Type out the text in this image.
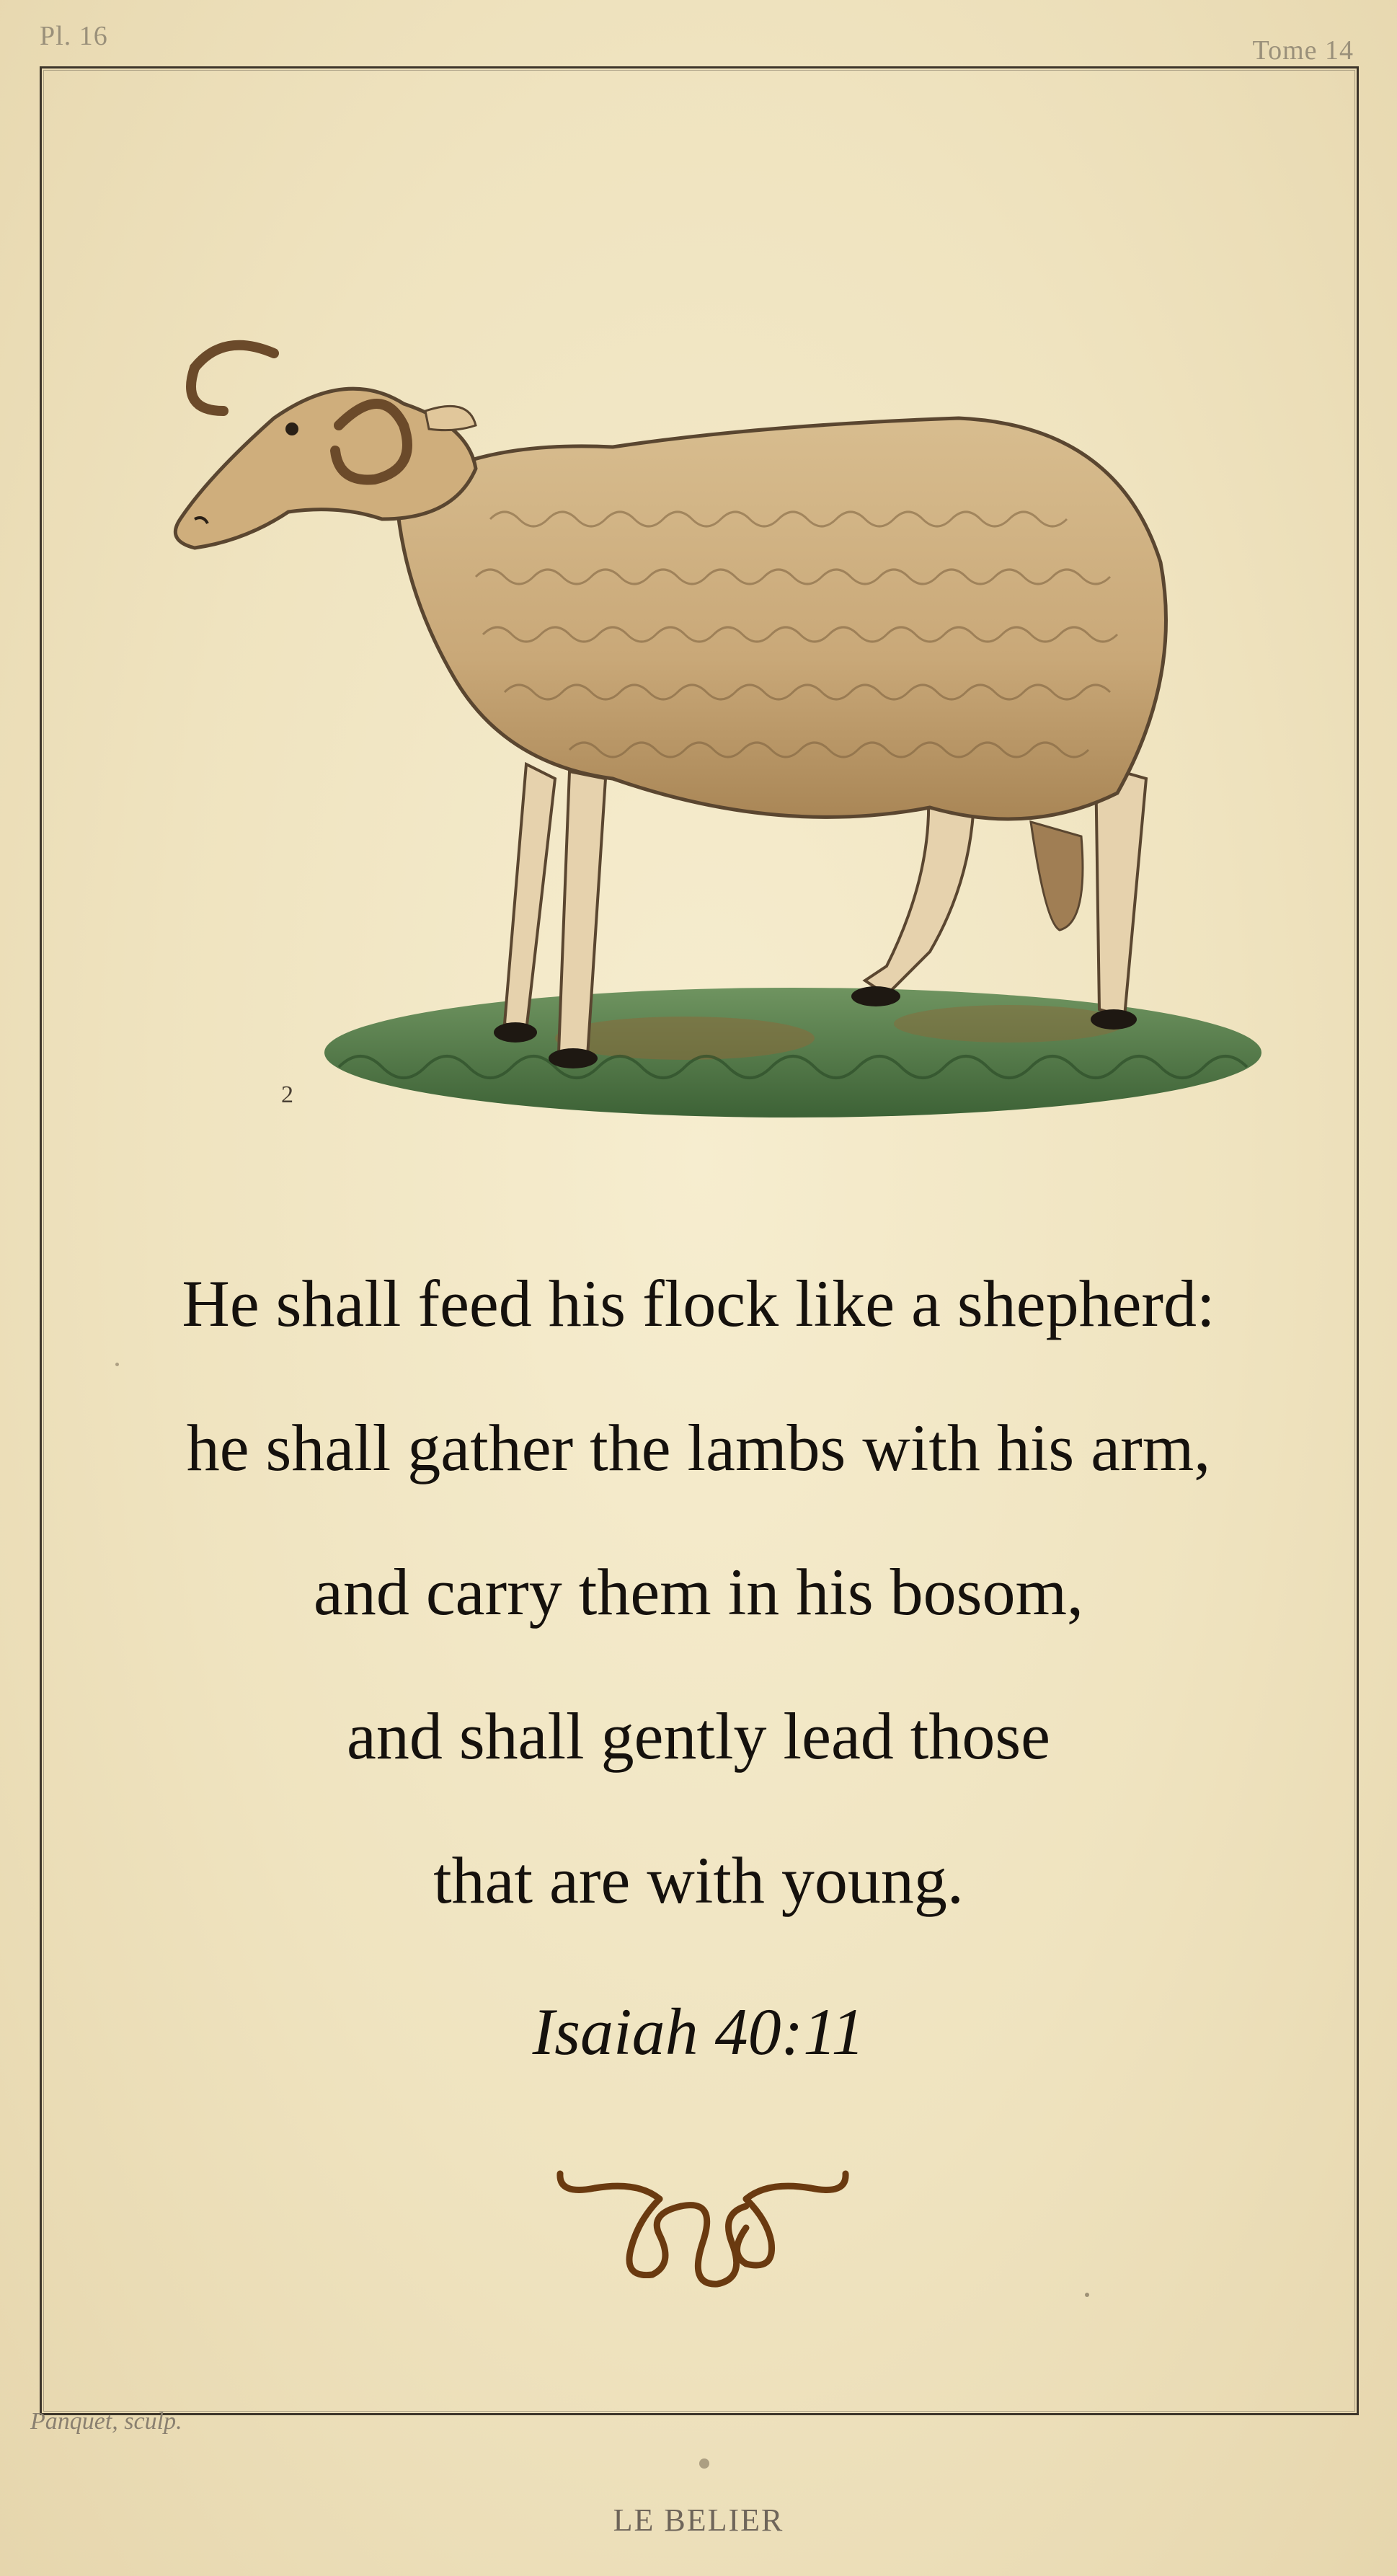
Pl. 16	Tome 14
2
He shall feed his flock like a shepherd:
he shall gather the lambs with his arm,
and carry them in his bosom,
and shall gently lead those
that are with young.
Isaiah 40:11
Panquet, sculp.
LE BELIER
